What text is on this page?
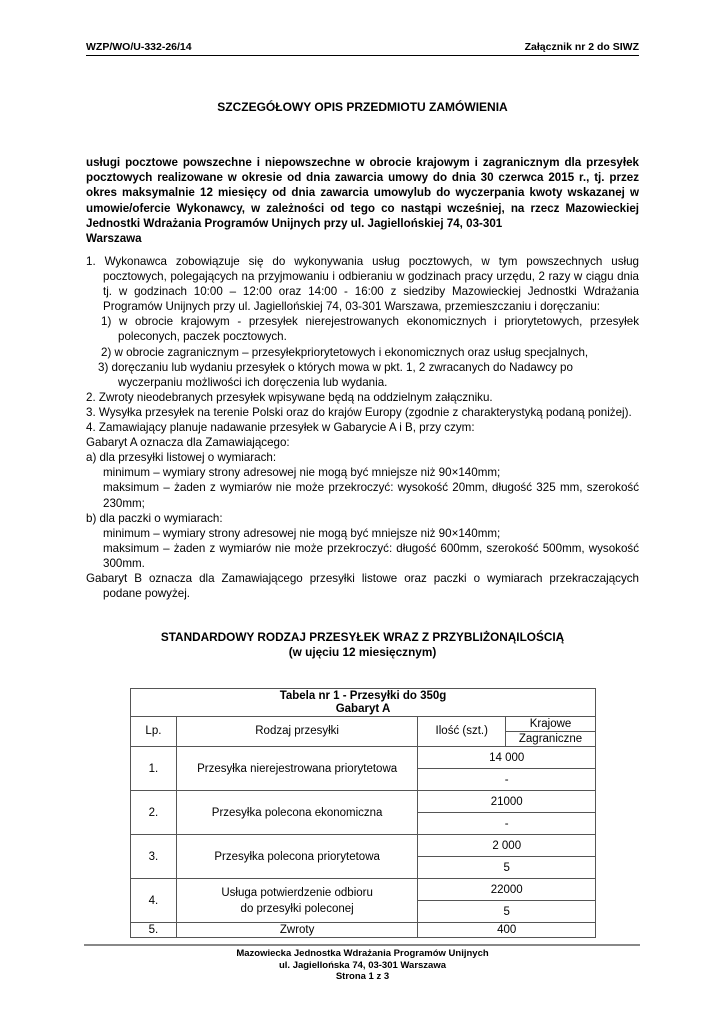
WZP/WO/U-332-26/14	Załącznik nr 2 do SIWZ
SZCZEGÓŁOWY OPIS PRZEDMIOTU ZAMÓWIENIA
usługi pocztowe powszechne i niepowszechne w obrocie krajowym i zagranicznym dla przesyłek pocztowych realizowane w okresie od dnia zawarcia umowy do dnia 30 czerwca 2015 r., tj. przez okres maksymalnie 12 miesięcy od dnia zawarcia umowylub do wyczerpania kwoty wskazanej w umowie/ofercie Wykonawcy, w zależności od tego co nastąpi wcześniej, na rzecz Mazowieckiej Jednostki Wdrażania Programów Unijnych przy ul. Jagiellońskiej 74, 03-301
Warszawa

1. Wykonawca zobowiązuje się do wykonywania usług pocztowych, w tym powszechnych usług pocztowych, polegających na przyjmowaniu i odbieraniu w godzinach pracy urzędu, 2 razy w ciągu dnia tj. w godzinach 10:00 – 12:00 oraz 14:00 - 16:00 z siedziby Mazowieckiej Jednostki Wdrażania Programów Unijnych przy ul. Jagiellońskiej 74, 03-301 Warszawa, przemieszczaniu i doręczaniu:

1) w obrocie krajowym - przesyłek nierejestrowanych ekonomicznych i priorytetowych, przesyłek poleconych, paczek pocztowych.

2) w obrocie zagranicznym – przesyłekpriorytetowych i ekonomicznych oraz usług specjalnych,

3) doręczaniu lub wydaniu przesyłek o których mowa w pkt. 1, 2 zwracanych do Nadawcy po wyczerpaniu możliwości ich doręczenia lub wydania.

2. Zwroty nieodebranych przesyłek wpisywane będą na oddzielnym załączniku.

3. Wysyłka przesyłek na terenie Polski oraz do krajów Europy (zgodnie z charakterystyką podaną poniżej).

4. Zamawiający planuje nadawanie przesyłek w Gabarycie A i B, przy czym:

Gabaryt A oznacza dla Zamawiającego:

a) dla przesyłki listowej o wymiarach:

minimum – wymiary strony adresowej nie mogą być mniejsze niż 90×140mm;

maksimum – żaden z wymiarów nie może przekroczyć: wysokość 20mm, długość 325 mm, szerokość 230mm;

b) dla paczki o wymiarach:

minimum – wymiary strony adresowej nie mogą być mniejsze niż 90×140mm;

maksimum – żaden z wymiarów nie może przekroczyć: długość 600mm, szerokość 500mm, wysokość 300mm.

Gabaryt B oznacza dla Zamawiającego przesyłki listowe oraz paczki o wymiarach przekraczających podane powyżej.

STANDARDOWY RODZAJ PRZESYŁEK WRAZ Z PRZYBLIŻONĄILOŚCIĄ
(w ujęciu 12 miesięcznym)
Tabela nr 1 - Przesyłki do 350g
Gabaryt A			

Lp.	Rodzaj przesyłki	Ilość (szt.)	Krajowe
			Zagraniczne
1.	Przesyłka nierejestrowana priorytetowa	14 000	
		-	
2.	Przesyłka polecona ekonomiczna	21000	
		-	
3.	Przesyłka polecona priorytetowa	2 000	
		5	
4.	Usługa potwierdzenie odbioru do przesyłki poleconej	22000	
		5	
5.	Zwroty	400	
Mazowiecka Jednostka Wdrażania Programów Unijnych
ul. Jagiellońska 74, 03-301 Warszawa
Strona 1 z 3
